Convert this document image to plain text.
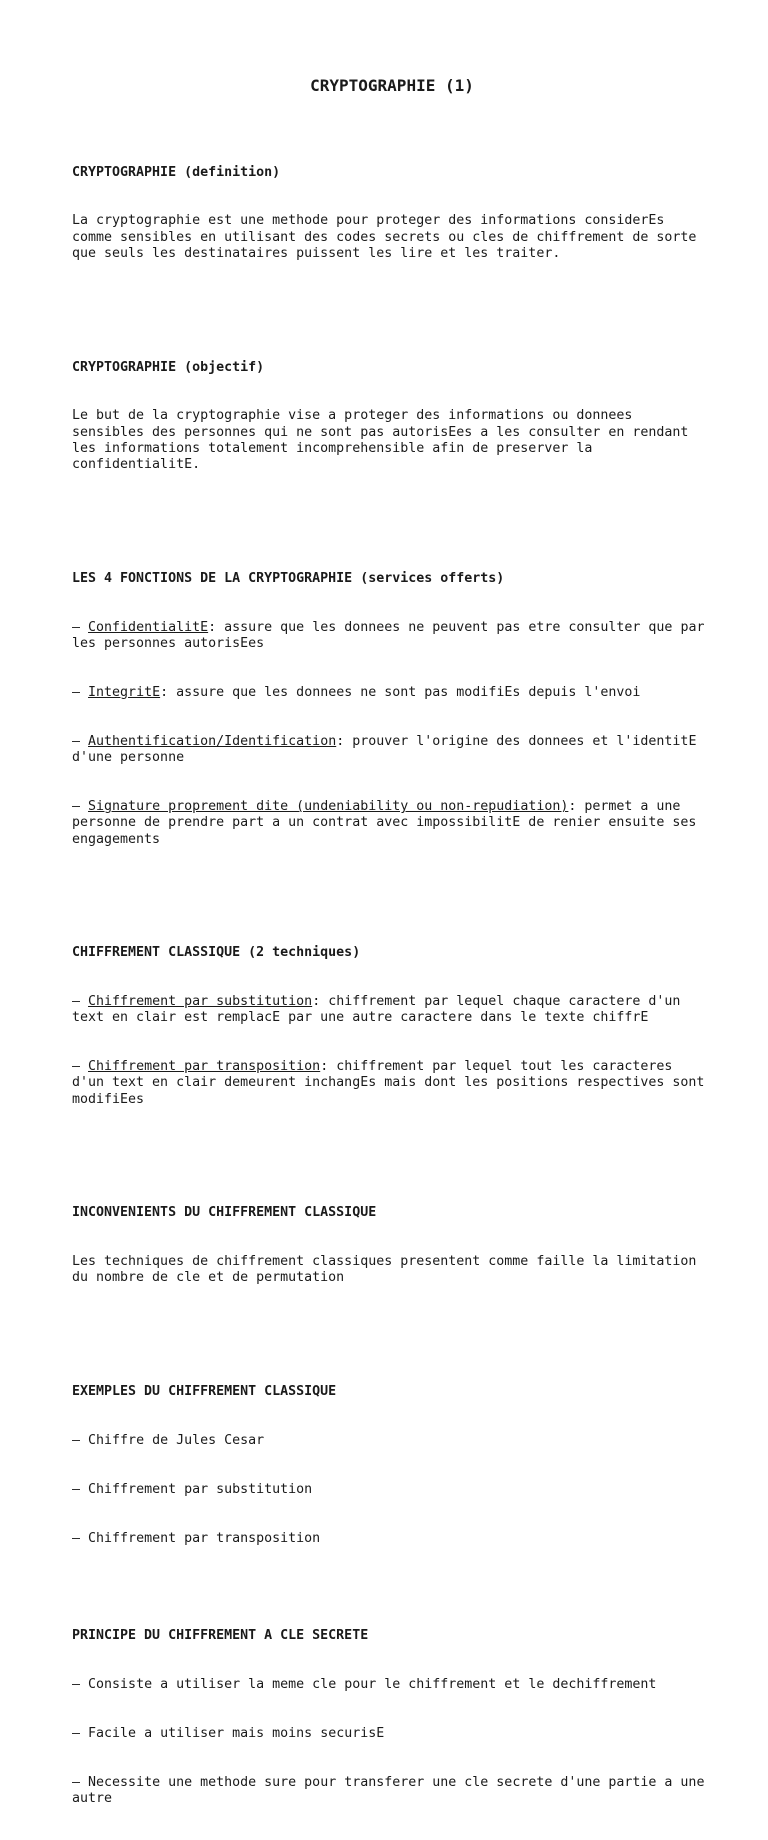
CRYPTOGRAPHIE (1)

CRYPTOGRAPHIE (definition)

La cryptographie est une methode pour proteger des informations considerEs comme sensibles en utilisant des codes secrets ou cles de chiffrement de sorte que seuls les destinataires puissent les lire et les traiter.

CRYPTOGRAPHIE (objectif)

Le but de la cryptographie vise a proteger des informations ou donnees sensibles des personnes qui ne sont pas autorisEes a les consulter en rendant les informations totalement incomprehensible afin de preserver la confidentialitE.

LES 4 FONCTIONS DE LA CRYPTOGRAPHIE (services offerts)

– ConfidentialitE: assure que les donnees ne peuvent pas etre consulter que par les personnes autorisEes

– IntegritE: assure que les donnees ne sont pas modifiEs depuis l'envoi

– Authentification/Identification: prouver l'origine des donnees et l'identitE d'une personne

– Signature proprement dite (undeniability ou non-repudiation): permet a une personne de prendre part a un contrat avec impossibilitE de renier ensuite ses engagements

CHIFFREMENT CLASSIQUE (2 techniques)

– Chiffrement par substitution: chiffrement par lequel chaque caractere d'un text en clair est remplacE par une autre caractere dans le texte chiffrE

– Chiffrement par transposition: chiffrement par lequel tout les caracteres d'un text en clair demeurent inchangEs mais dont les positions respectives sont modifiEes

INCONVENIENTS DU CHIFFREMENT CLASSIQUE

Les techniques de chiffrement classiques presentent comme faille la limitation du nombre de cle et de permutation

EXEMPLES DU CHIFFREMENT CLASSIQUE

– Chiffre de Jules Cesar

– Chiffrement par substitution

– Chiffrement par transposition

PRINCIPE DU CHIFFREMENT A CLE SECRETE

– Consiste a utiliser la meme cle pour le chiffrement et le dechiffrement

– Facile a utiliser mais moins securisE

– Necessite une methode sure pour transferer une cle secrete d'une partie a une autre
